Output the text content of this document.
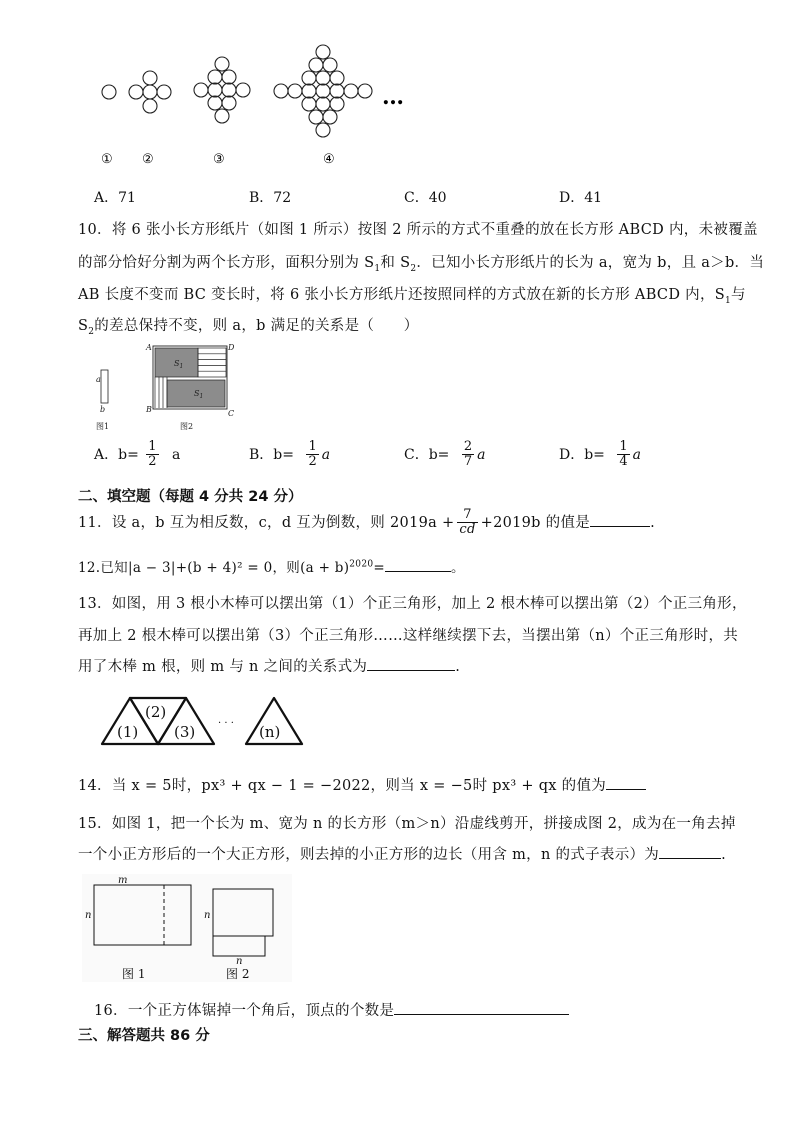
…
① ②	③	④
A．71	B．72	C．40	D．41
10．将 6 张小长方形纸片（如图 1 所示）按图 2 所示的方式不重叠的放在长方形 ABCD 内，未被覆盖
的部分恰好分割为两个长方形，面积分别为 $S_1$和 $S_2$．已知小长方形纸片的长为 a，宽为 b，且 a＞b．当
AB 长度不变而 BC 变长时，将 6 张小长方形纸片还按照同样的方式放在新的长方形 ABCD 内，$S_1$与
$S_2$的差总保持不变，则 a，b 满足的关系是（　　）
a
b
A	D
B	C
$S_1$
$S_1$
图1	图2
A．$b= \frac{1}{2}$ a	B．$b= \frac{1}{2}$ a	C．$b= \frac{2}{7}$ a	D．$b= \frac{1}{4}$ a
二、填空题（每题 4 分共 24 分）
11．设 a，b 互为相反数，c，d 互为倒数，则 $2019a + \frac{7}{cd} +2019b$ 的值是	.
12.已知|a − 3|+(b + 4)² = 0，则$(a + b)^{2020}=$	。
13．如图，用 3 根小木棒可以摆出第（1）个正三角形，加上 2 根木棒可以摆出第（2）个正三角形，
再加上 2 根木棒可以摆出第（3）个正三角形……这样继续摆下去，当摆出第（n）个正三角形时，共
用了木棒 m 根，则 m 与 n 之间的关系式为	.
(1)
(2)
(3) · · · (n)
14．当 x = 5时，px³ + qx − 1 = −2022，则当 x = −5时 px³ + qx 的值为
15．如图 1，把一个长为 m、宽为 n 的长方形（m＞n）沿虚线剪开，拼接成图 2，成为在一角去掉
一个小正方形后的一个大正方形，则去掉的小正方形的边长（用含 m，n 的式子表示）为	.
m
n	n
n
图 1	图 2
16．一个正方体锯掉一个角后，顶点的个数是
三、解答题共 86 分
